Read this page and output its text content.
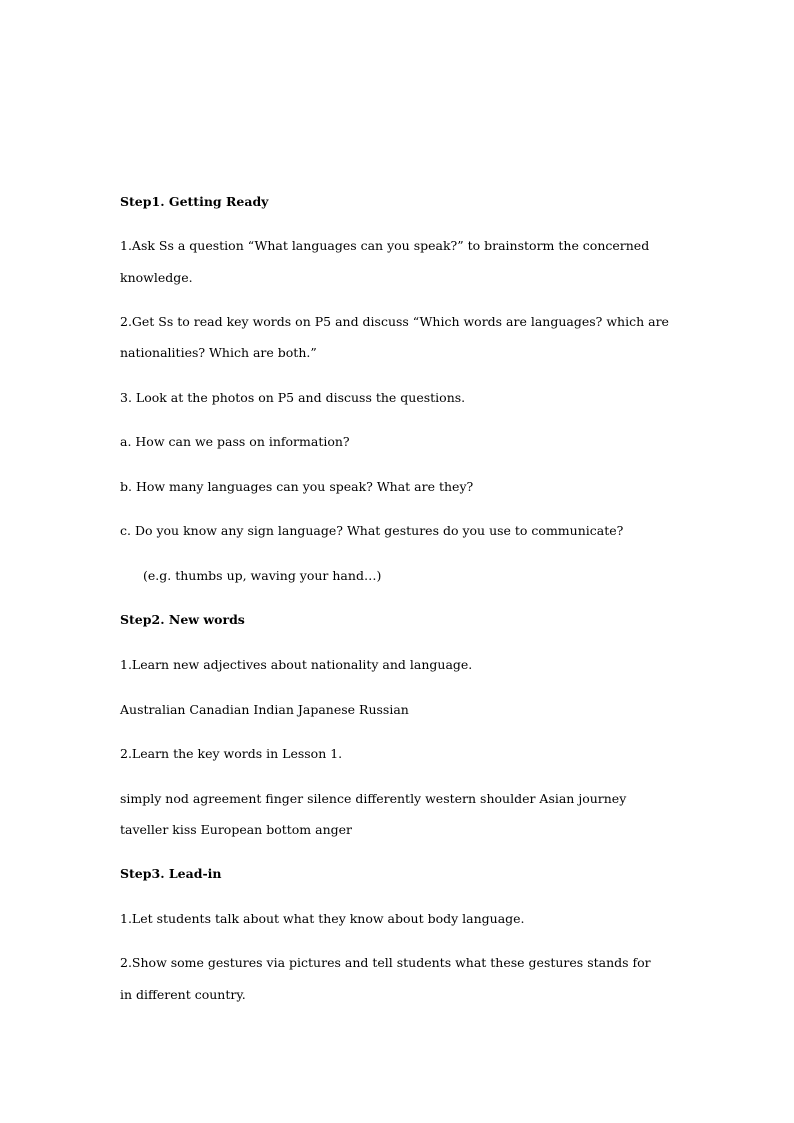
Step1. Getting Ready
1.Ask Ss a question “What languages can you speak?” to brainstorm the concerned
knowledge.
2.Get Ss to read key words on P5 and discuss “Which words are languages? which are
nationalities? Which are both.”
3. Look at the photos on P5 and discuss the questions.
a. How can we pass on information?
b. How many languages can you speak? What are they?
c. Do you know any sign language? What gestures do you use to communicate?
(e.g. thumbs up, waving your hand…)
Step2. New words
1.Learn new adjectives about nationality and language.
Australian Canadian Indian Japanese Russian
2.Learn the key words in Lesson 1.
simply nod agreement finger silence differently western shoulder Asian journey
taveller kiss European bottom anger
Step3. Lead-in
1.Let students talk about what they know about body language.
2.Show some gestures via pictures and tell students what these gestures stands for
in different country.
